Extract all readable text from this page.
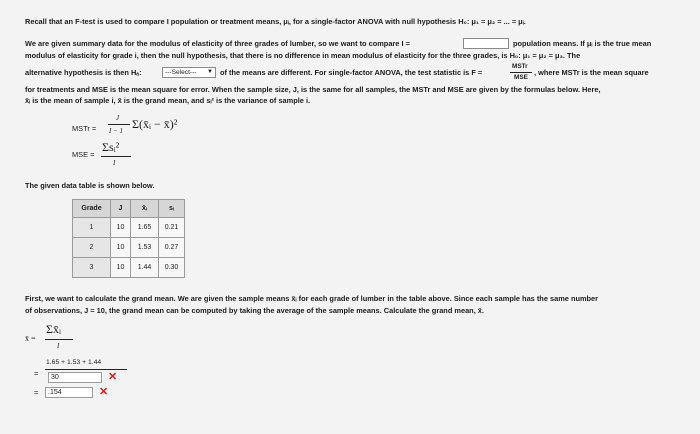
Recall that an F-test is used to compare I population or treatment means, μᵢ, for a single-factor ANOVA with null hypothesis H₀: μ₁ = μ₂ = ... = μᵢ.
We are given summary data for the modulus of elasticity of three grades of lumber, so we want to compare I =	population means. If μᵢ is the true mean
modulus of elasticity for grade i, then the null hypothesis, that there is no difference in mean modulus of elasticity for the three grades, is H₀: μ₁ = μ₂ = μ₃. The
alternative hypothesis is then Hₐ:	---Select--- ▼ of the means are different. For single-factor ANOVA, the test statistic is F =
MSTr
MSE
, where MSTr is the mean square
for treatments and MSE is the mean square for error. When the sample size, J, is the same for all samples, the MSTr and MSE are given by the formulas below. Here,
x̄ᵢ is the mean of sample i, x̄ is the grand mean, and sᵢ² is the variance of sample i.
MSTr =
J
I − 1 Σ(x̄ᵢ − x̄)²
MSE =
Σsᵢ²
I
The given data table is shown below.
Grade	J	x̄ᵢ	sᵢ
1	10	1.65	0.21
2	10	1.53	0.27
3	10	1.44	0.30
First, we want to calculate the grand mean. We are given the sample means x̄ᵢ for each grade of lumber in the table above. Since each sample has the same number
of observations, J = 10, the grand mean can be computed by taking the average of the sample means. Calculate the grand mean, x̄.
x̄ =
Σx̄ᵢ
I
=
1.65 + 1.53 + 1.44
30	✕
=	.154	✕
